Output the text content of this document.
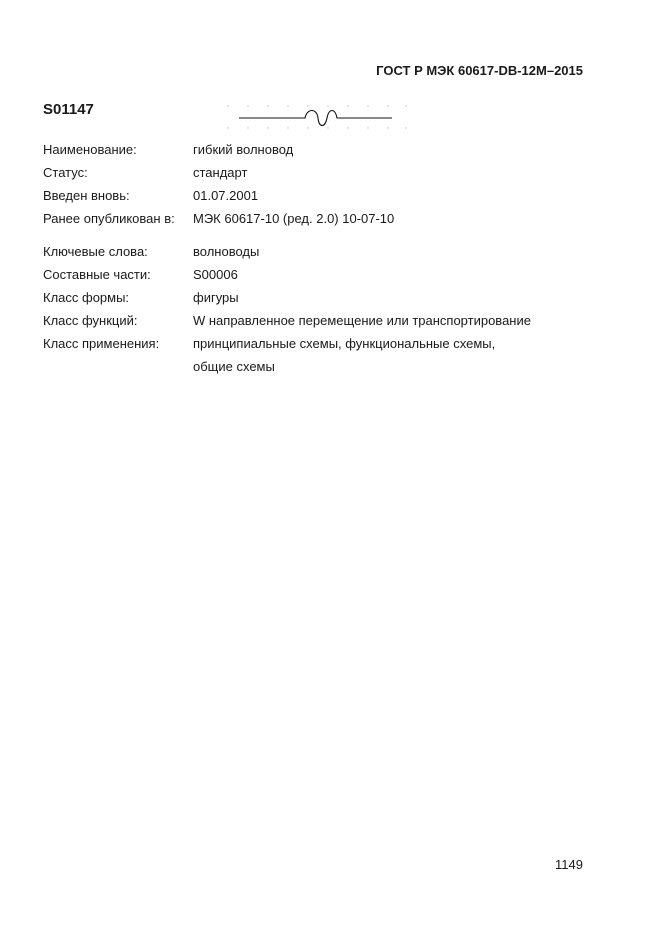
ГОСТ Р МЭК 60617-DB-12M–2015
S01147
Наименование:	гибкий волновод
Статус:	стандарт
Введен вновь:	01.07.2001
Ранее опубликован в: МЭК 60617-10 (ред. 2.0) 10-07-10
Ключевые слова:	волноводы
Составные части:	S00006
Класс формы:	фигуры
Класс функций:	W направленное перемещение или транспортирование
Класс применения:	принципиальные схемы, функциональные схемы,
общие схемы
1149
